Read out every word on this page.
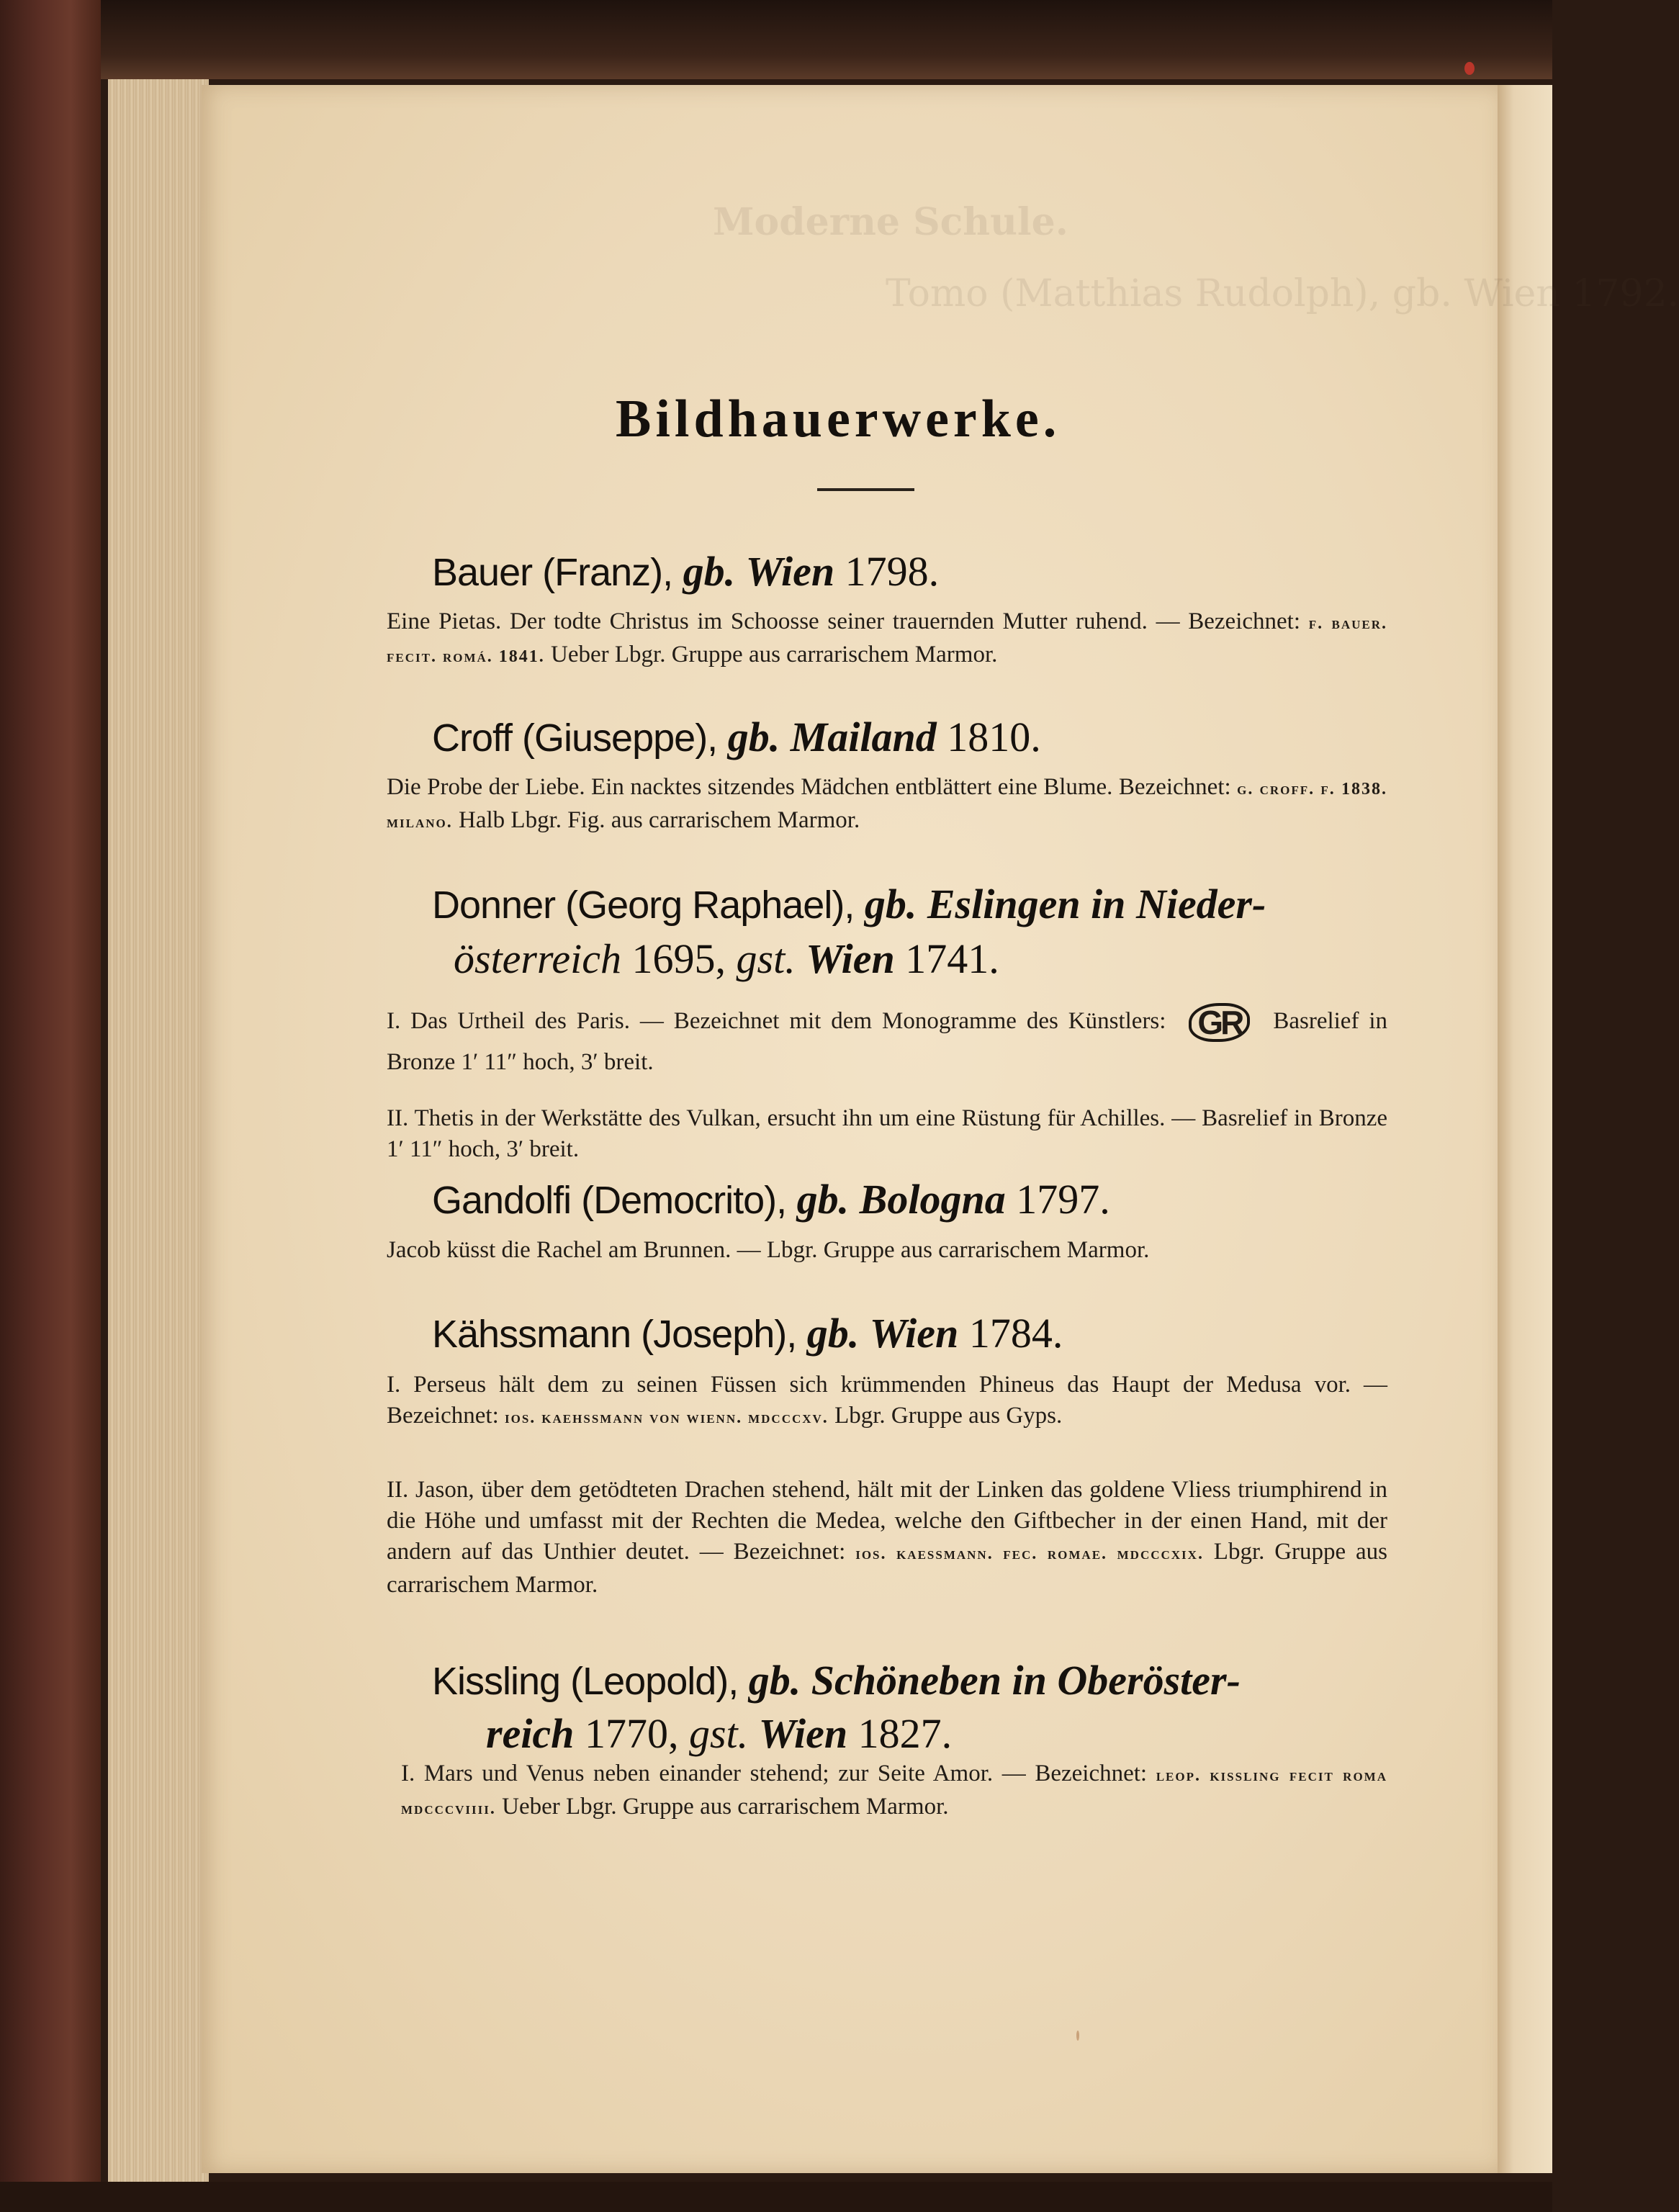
Moderne Schule.
Tomo (Matthias Rudolph), gb. Wien 1792.
Bildhauerwerke.
Bauer (Franz), gb. Wien 1798.
Eine Pietas. Der todte Christus im Schoosse seiner trauernden Mutter ruhend. — Bezeichnet: f. bauer. fecit. romá. 1841. Ueber Lbgr. Gruppe aus carrarischem Marmor.
Croff (Giuseppe), gb. Mailand 1810.
Die Probe der Liebe. Ein nacktes sitzendes Mädchen entblättert eine Blume. Bezeichnet: g. croff. f. 1838. milano. Halb Lbgr. Fig. aus carrarischem Marmor.
Donner (Georg Raphael), gb. Eslingen in Nieder-
österreich 1695, gst. Wien 1741.
I. Das Urtheil des Paris. — Bezeichnet mit dem Monogramme des Künstlers: GR Basrelief in Bronze 1′ 11″ hoch, 3′ breit.
II. Thetis in der Werkstätte des Vulkan, ersucht ihn um eine Rüstung für Achilles. — Basrelief in Bronze 1′ 11″ hoch, 3′ breit.
Gandolfi (Democrito), gb. Bologna 1797.
Jacob küsst die Rachel am Brunnen. — Lbgr. Gruppe aus carrarischem Marmor.
Kähssmann (Joseph), gb. Wien 1784.
I. Perseus hält dem zu seinen Füssen sich krümmenden Phineus das Haupt der Medusa vor. — Bezeichnet: ios. kaehssmann von wienn. mdcccxv. Lbgr. Gruppe aus Gyps.
II. Jason, über dem getödteten Drachen stehend, hält mit der Linken das goldene Vliess triumphirend in die Höhe und umfasst mit der Rechten die Medea, welche den Giftbecher in der einen Hand, mit der andern auf das Unthier deutet. — Bezeichnet: ios. kaessmann. fec. romae. mdcccxix. Lbgr. Gruppe aus carrarischem Marmor.
Kissling (Leopold), gb. Schöneben in Oberöster-
reich 1770, gst. Wien 1827.
I. Mars und Venus neben einander stehend; zur Seite Amor. — Bezeichnet: leop. kissling fecit roma mdcccviiii. Ueber Lbgr. Gruppe aus carrarischem Marmor.
